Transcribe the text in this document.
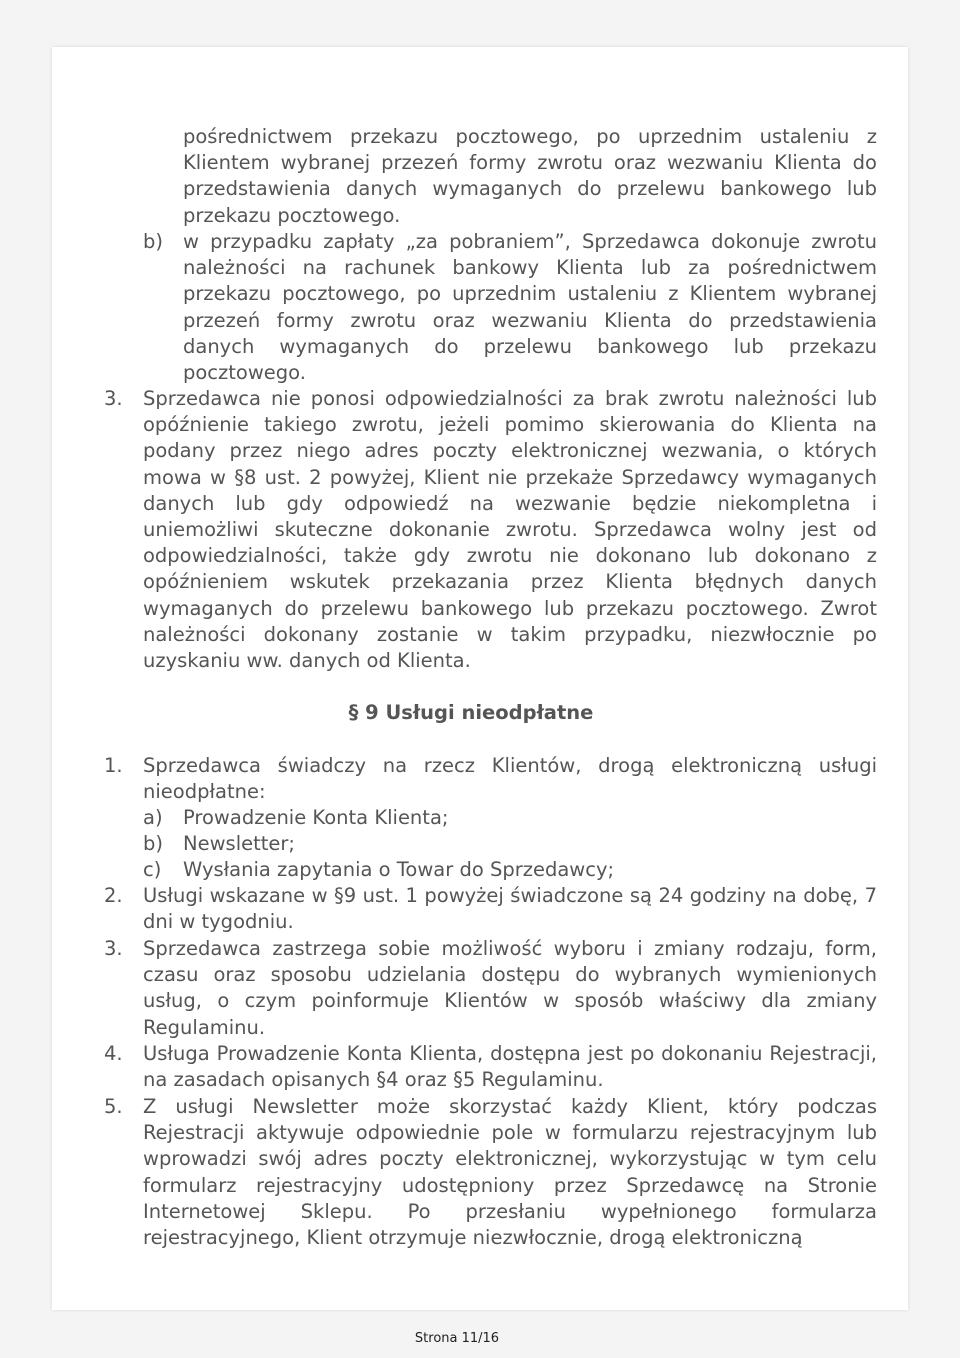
pośrednictwem przekazu pocztowego, po uprzednim ustaleniu z Klientem wybranej przezeń formy zwrotu oraz wezwaniu Klienta do przedstawienia danych wymaganych do przelewu bankowego lub przekazu pocztowego.
b)	w przypadku zapłaty „za pobraniem”, Sprzedawca dokonuje zwrotu należności na rachunek bankowy Klienta lub za pośrednictwem przekazu pocztowego, po uprzednim ustaleniu z Klientem wybranej przezeń formy zwrotu oraz wezwaniu Klienta do przedstawienia danych wymaganych do przelewu bankowego lub przekazu pocztowego.
3.	Sprzedawca nie ponosi odpowiedzialności za brak zwrotu należności lub opóźnienie takiego zwrotu, jeżeli pomimo skierowania do Klienta na podany przez niego adres poczty elektronicznej wezwania, o których mowa w §8 ust. 2 powyżej, Klient nie przekaże Sprzedawcy wymaganych danych lub gdy odpowiedź na wezwanie będzie niekompletna i uniemożliwi skuteczne dokonanie zwrotu. Sprzedawca wolny jest od odpowiedzialności, także gdy zwrotu nie dokonano lub dokonano z opóźnieniem wskutek przekazania przez Klienta błędnych danych wymaganych do przelewu bankowego lub przekazu pocztowego. Zwrot należności dokonany zostanie w takim przypadku, niezwłocznie po uzyskaniu ww. danych od Klienta.
§ 9 Usługi nieodpłatne
1.	Sprzedawca świadczy na rzecz Klientów, drogą elektroniczną usługi nieodpłatne:
a)	Prowadzenie Konta Klienta;
b)	Newsletter;
c)	Wysłania zapytania o Towar do Sprzedawcy;
2.	Usługi wskazane w §9 ust. 1 powyżej świadczone są 24 godziny na dobę, 7 dni w tygodniu.
3.	Sprzedawca zastrzega sobie możliwość wyboru i zmiany rodzaju, form, czasu oraz sposobu udzielania dostępu do wybranych wymienionych usług, o czym poinformuje Klientów w sposób właściwy dla zmiany Regulaminu.
4.	Usługa Prowadzenie Konta Klienta, dostępna jest po dokonaniu Rejestracji, na zasadach opisanych §4 oraz §5 Regulaminu.
5.	Z usługi Newsletter może skorzystać każdy Klient, który podczas Rejestracji aktywuje odpowiednie pole w formularzu rejestracyjnym lub wprowadzi swój adres poczty elektronicznej, wykorzystując w tym celu formularz rejestracyjny udostępniony przez Sprzedawcę na Stronie Internetowej Sklepu. Po przesłaniu wypełnionego formularza rejestracyjnego, Klient otrzymuje niezwłocznie, drogą elektroniczną
Strona 11/16
